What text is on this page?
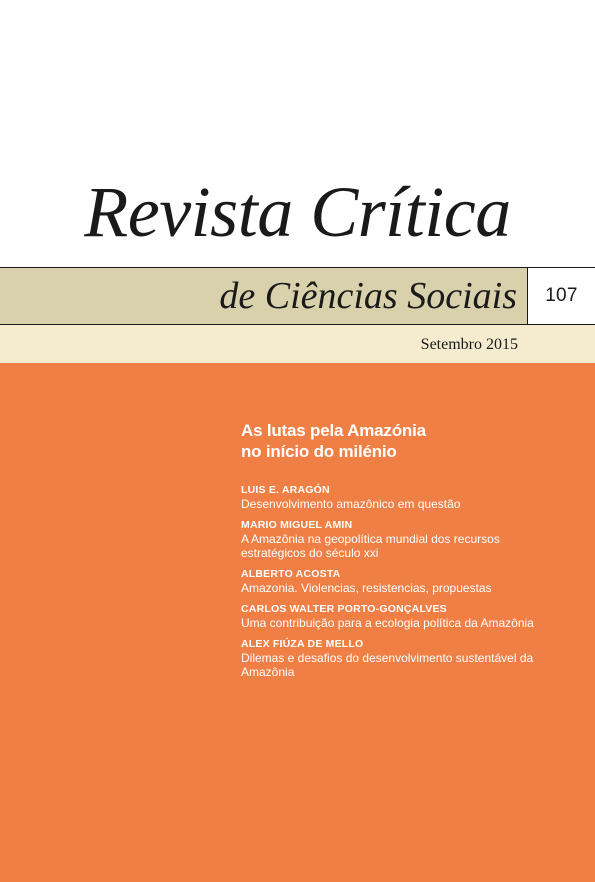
Revista Crítica
de Ciências Sociais 107
Setembro 2015
As lutas pela Amazónia
no início do milénio
LUIS E. ARAGÓN
Desenvolvimento amazônico em questão
MARIO MIGUEL AMIN
A Amazônia na geopolítica mundial dos recursos estratégicos do século xxi
ALBERTO ACOSTA
Amazonia. Violencias, resistencias, propuestas
CARLOS WALTER PORTO-GONÇALVES
Uma contribuição para a ecologia política da Amazônia
ALEX FIÚZA DE MELLO
Dilemas e desafios do desenvolvimento sustentável da Amazônia
